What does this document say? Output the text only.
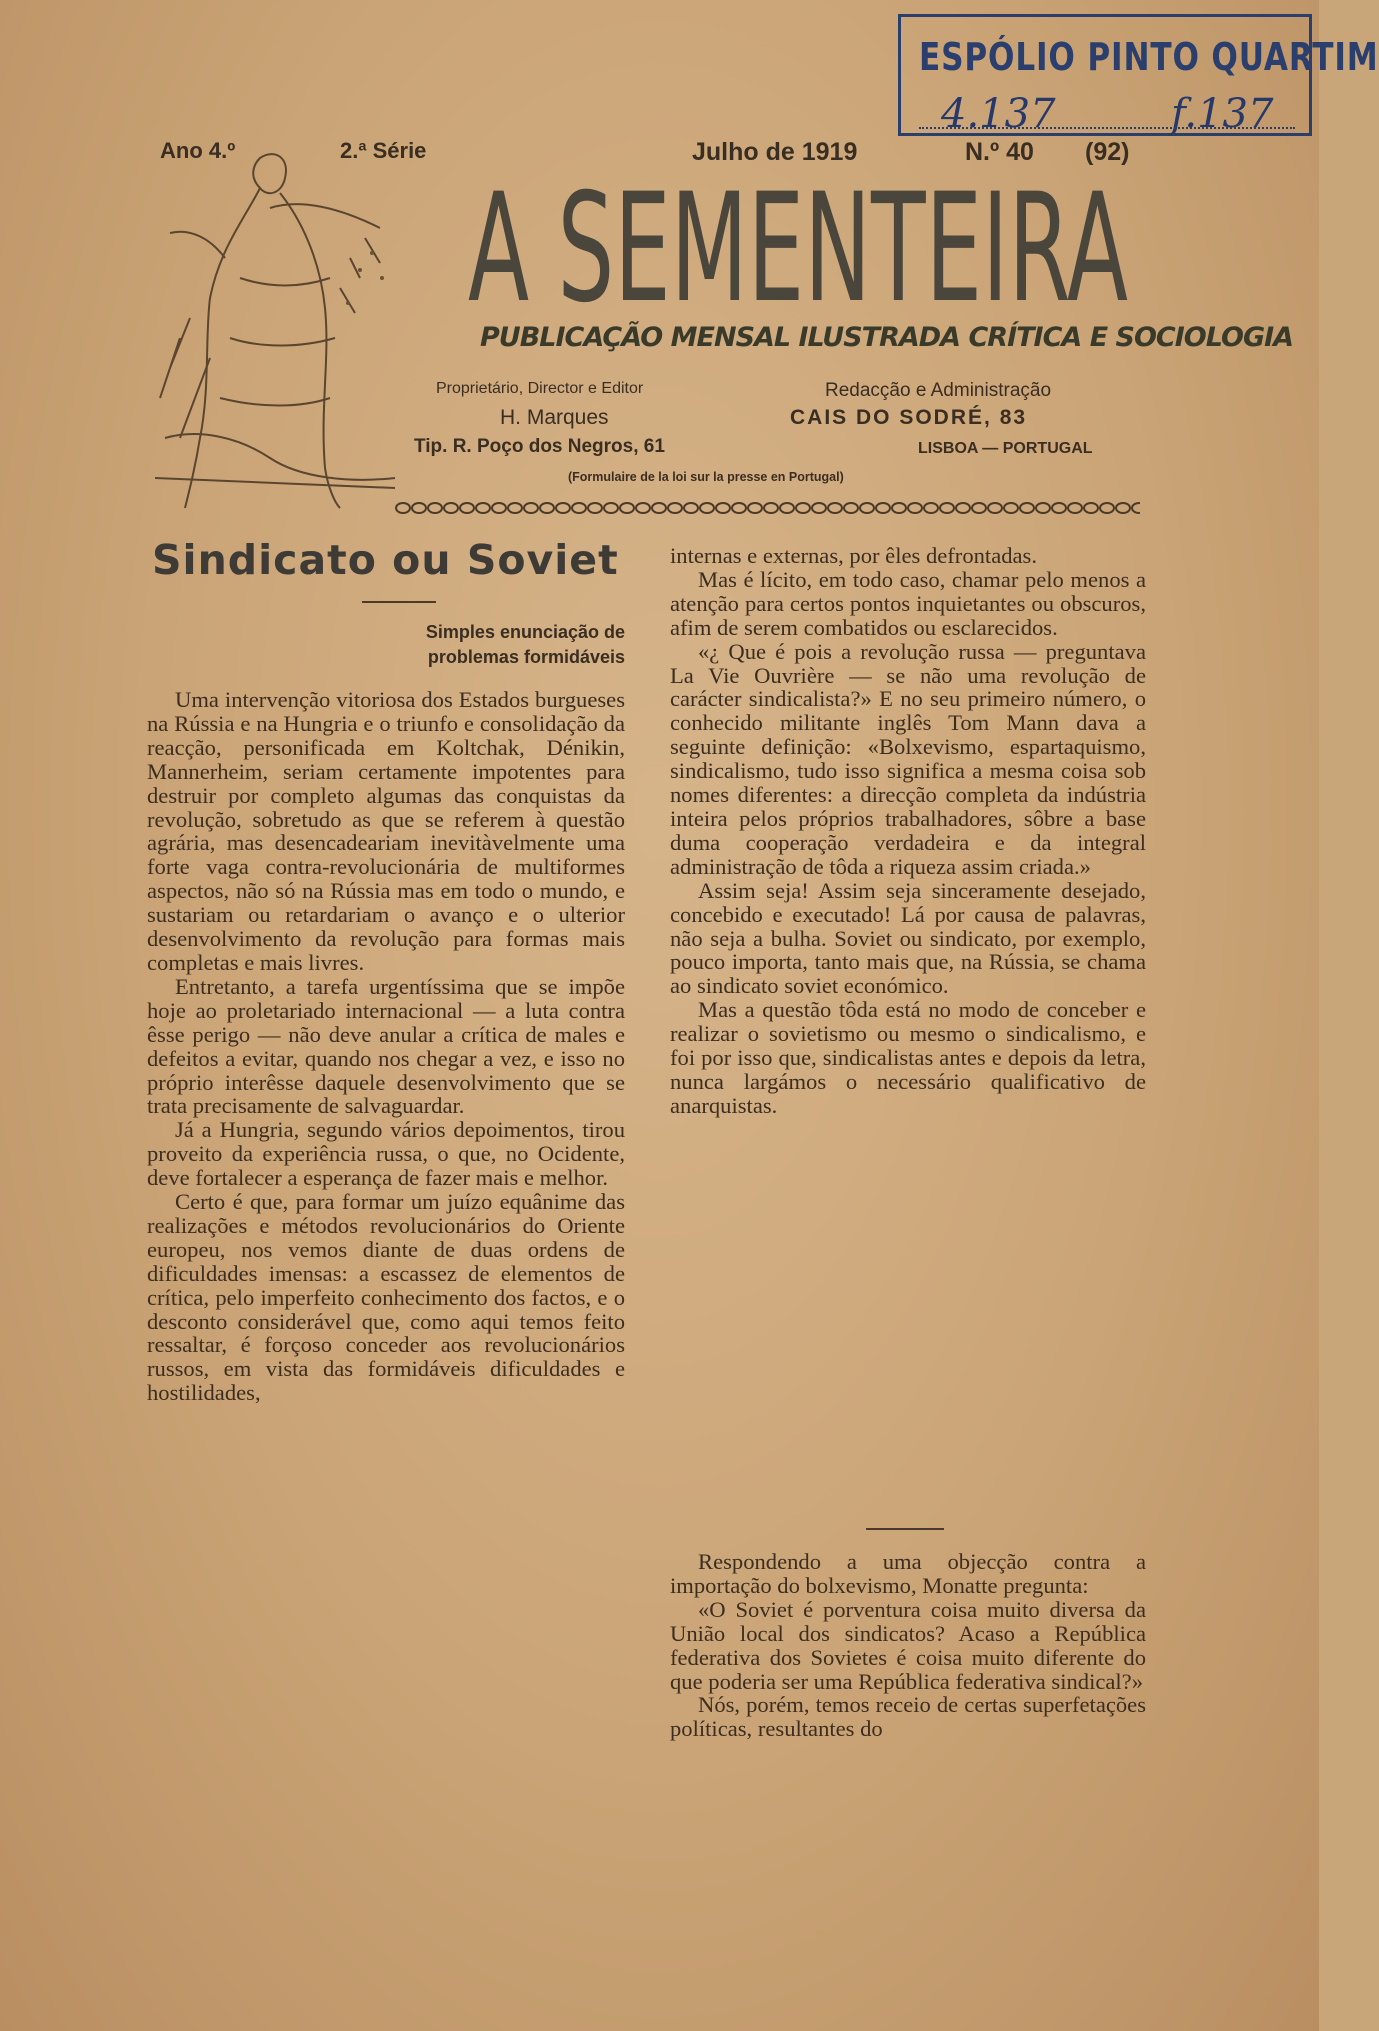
ESPÓLIO PINTO QUARTIM
4.137	f.137
Ano 4.º	2.ª Série	Julho de 1919	N.º 40 (92)
A SEMENTEIRA
PUBLICAÇÃO MENSAL ILUSTRADA CRÍTICA E SOCIOLOGIA
Proprietário, Director e Editor
H. Marques
Tip. R. Poço dos Negros, 61
Redacção e Administração
CAIS DO SODRÉ, 83
LISBOA — PORTUGAL
(Formulaire de la loi sur la presse en Portugal)
Sindicato ou Soviet
Simples enunciação de
problemas formidáveis

Uma intervenção vitoriosa dos Estados burgueses na Rússia e na Hungria e o triunfo e consolidação da reacção, personificada em Koltchak, Dénikin, Mannerheim, seriam certamente impotentes para destruir por completo algumas das conquistas da revolução, sobretudo as que se referem à questão agrária, mas desencadeariam inevitàvelmente uma forte vaga contra-revolucionária de multiformes aspectos, não só na Rússia mas em todo o mundo, e sustariam ou retardariam o avanço e o ulterior desenvolvimento da revolução para formas mais completas e mais livres.

Entretanto, a tarefa urgentíssima que se impõe hoje ao proletariado internacional — a luta contra êsse perigo — não deve anular a crítica de males e defeitos a evitar, quando nos chegar a vez, e isso no próprio interêsse daquele desenvolvimento que se trata precisamente de salvaguardar.

Já a Hungria, segundo vários depoimentos, tirou proveito da experiência russa, o que, no Ocidente, deve fortalecer a esperança de fazer mais e melhor.

Certo é que, para formar um juízo equânime das realizações e métodos revolucionários do Oriente europeu, nos vemos diante de duas ordens de dificuldades imensas: a escassez de elementos de crítica, pelo imperfeito conhecimento dos factos, e o desconto considerável que, como aqui temos feito ressaltar, é forçoso conceder aos revolucionários russos, em vista das formidáveis dificuldades e hostilidades,

internas e externas, por êles defrontadas.

Mas é lícito, em todo caso, chamar pelo menos a atenção para certos pontos inquietantes ou obscuros, afim de serem combatidos ou esclarecidos.

«¿ Que é pois a revolução russa — preguntava La Vie Ouvrière — se não uma revolução de carácter sindicalista?» E no seu primeiro número, o conhecido militante inglês Tom Mann dava a seguinte definição: «Bolxevismo, espartaquismo, sindicalismo, tudo isso significa a mesma coisa sob nomes diferentes: a direcção completa da indústria inteira pelos próprios trabalhadores, sôbre a base duma cooperação verdadeira e da integral administração de tôda a riqueza assim criada.»

Assim seja! Assim seja sinceramente desejado, concebido e executado! Lá por causa de palavras, não seja a bulha. Soviet ou sindicato, por exemplo, pouco importa, tanto mais que, na Rússia, se chama ao sindicato soviet económico.

Mas a questão tôda está no modo de conceber e realizar o sovietismo ou mesmo o sindicalismo, e foi por isso que, sindicalistas antes e depois da letra, nunca largámos o necessário qualificativo de anarquistas.

Respondendo a uma objecção contra a importação do bolxevismo, Monatte pregunta:

«O Soviet é porventura coisa muito diversa da União local dos sindicatos? Acaso a República federativa dos Sovietes é coisa muito diferente do que poderia ser uma República federativa sindical?»

Nós, porém, temos receio de certas superfetações políticas, resultantes do
